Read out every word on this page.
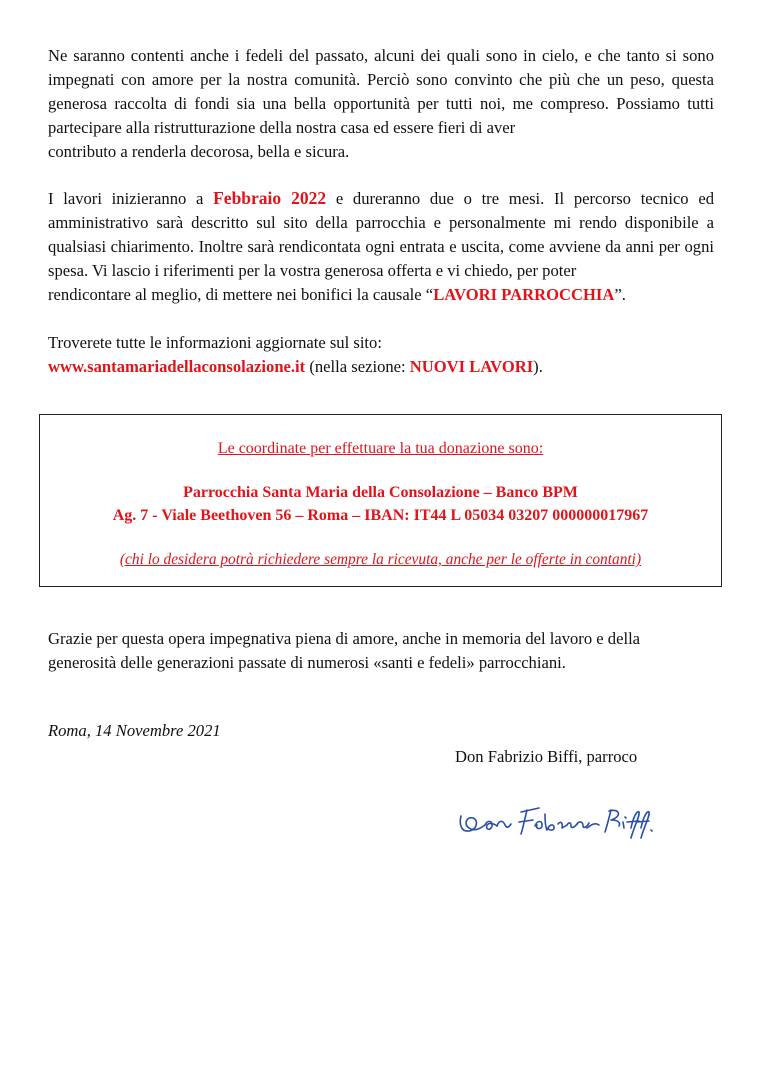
Ne saranno contenti anche i fedeli del passato, alcuni dei quali sono in cielo, e che tanto si sono impegnati con amore per la nostra comunità. Perciò sono convinto che più che un peso, questa generosa raccolta di fondi sia una bella opportunità per tutti noi, me compreso. Possiamo tutti partecipare alla ristrutturazione della nostra casa ed essere fieri di aver
contributo a renderla decorosa, bella e sicura.

I lavori inizieranno a Febbraio 2022 e dureranno due o tre mesi. Il percorso tecnico ed amministrativo sarà descritto sul sito della parrocchia e personalmente mi rendo disponibile a qualsiasi chiarimento. Inoltre sarà rendicontata ogni entrata e uscita, come avviene da anni per ogni spesa. Vi lascio i riferimenti per la vostra generosa offerta e vi chiedo, per poter
rendicontare al meglio, di mettere nei bonifici la causale “LAVORI PARROCCHIA”.

Troverete tutte le informazioni aggiornate sul sito:
www.santamariadellaconsolazione.it (nella sezione: NUOVI LAVORI).

Le coordinate per effettuare la tua donazione sono:

Parrocchia Santa Maria della Consolazione – Banco BPM

Ag. 7 - Viale Beethoven 56 – Roma – IBAN: IT44 L 05034 03207 000000017967

(chi lo desidera potrà richiedere sempre la ricevuta, anche per le offerte in contanti)

Grazie per questa opera impegnativa piena di amore, anche in memoria del lavoro e della
generosità delle generazioni passate di numerosi «santi e fedeli» parrocchiani.

Roma, 14 Novembre 2021

Don Fabrizio Biffi, parroco
